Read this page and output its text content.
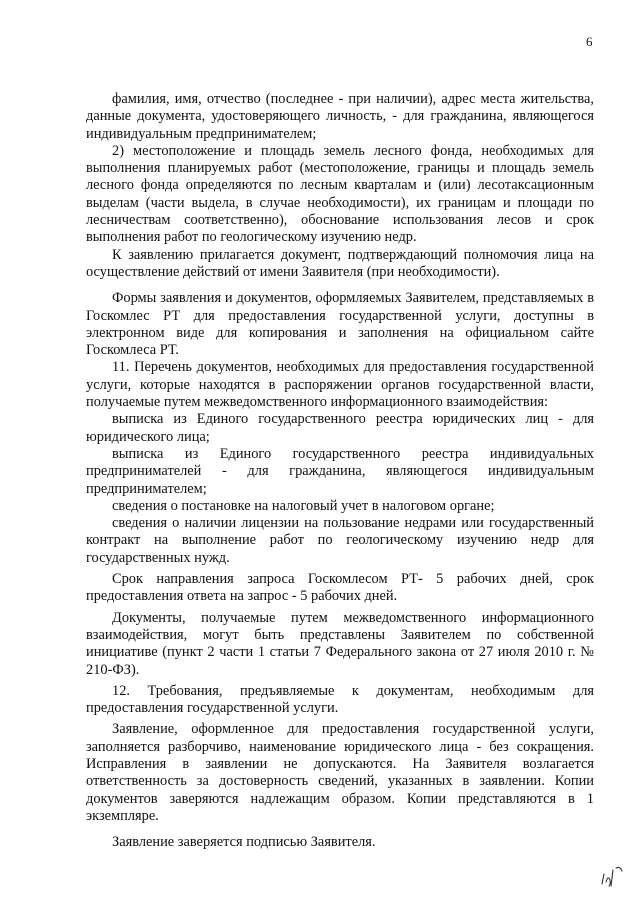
6

фамилия, имя, отчество (последнее - при наличии), адрес места жительства, данные документа, удостоверяющего личность, - для гражданина, являющегося индивидуальным предпринимателем;

2) местоположение и площадь земель лесного фонда, необходимых для выполнения планируемых работ (местоположение, границы и площадь земель лесного фонда определяются по лесным кварталам и (или) лесотаксационным выделам (части выдела, в случае необходимости), их границам и площади по лесничествам соответственно), обоснование использования лесов и срок выполнения работ по геологическому изучению недр.

К заявлению прилагается документ, подтверждающий полномочия лица на осуществление действий от имени Заявителя (при необходимости).

Формы заявления и документов, оформляемых Заявителем, представляемых в Госкомлес РТ для предоставления государственной услуги, доступны в электронном виде для копирования и заполнения на официальном сайте Госкомлеса РТ.

11. Перечень документов, необходимых для предоставления государственной услуги, которые находятся в распоряжении органов государственной власти, получаемые путем межведомственного информационного взаимодействия:

выписка из Единого государственного реестра юридических лиц - для юридического лица;

выписка из Единого государственного реестра индивидуальных предпринимателей - для гражданина, являющегося индивидуальным предпринимателем;

сведения о постановке на налоговый учет в налоговом органе;

сведения о наличии лицензии на пользование недрами или государственный контракт на выполнение работ по геологическому изучению недр для государственных нужд.

Срок направления запроса Госкомлесом РТ- 5 рабочих дней, срок предоставления ответа на запрос - 5 рабочих дней.

Документы, получаемые путем межведомственного информационного взаимодействия, могут быть представлены Заявителем по собственной инициативе (пункт 2 части 1 статьи 7 Федерального закона от 27 июля 2010 г. № 210-ФЗ).

12. Требования, предъявляемые к документам, необходимым для предоставления государственной услуги.

Заявление, оформленное для предоставления государственной услуги, заполняется разборчиво, наименование юридического лица - без сокращения. Исправления в заявлении не допускаются. На Заявителя возлагается ответственность за достоверность сведений, указанных в заявлении. Копии документов заверяются надлежащим образом. Копии представляются в 1 экземпляре.

Заявление заверяется подписью Заявителя.
